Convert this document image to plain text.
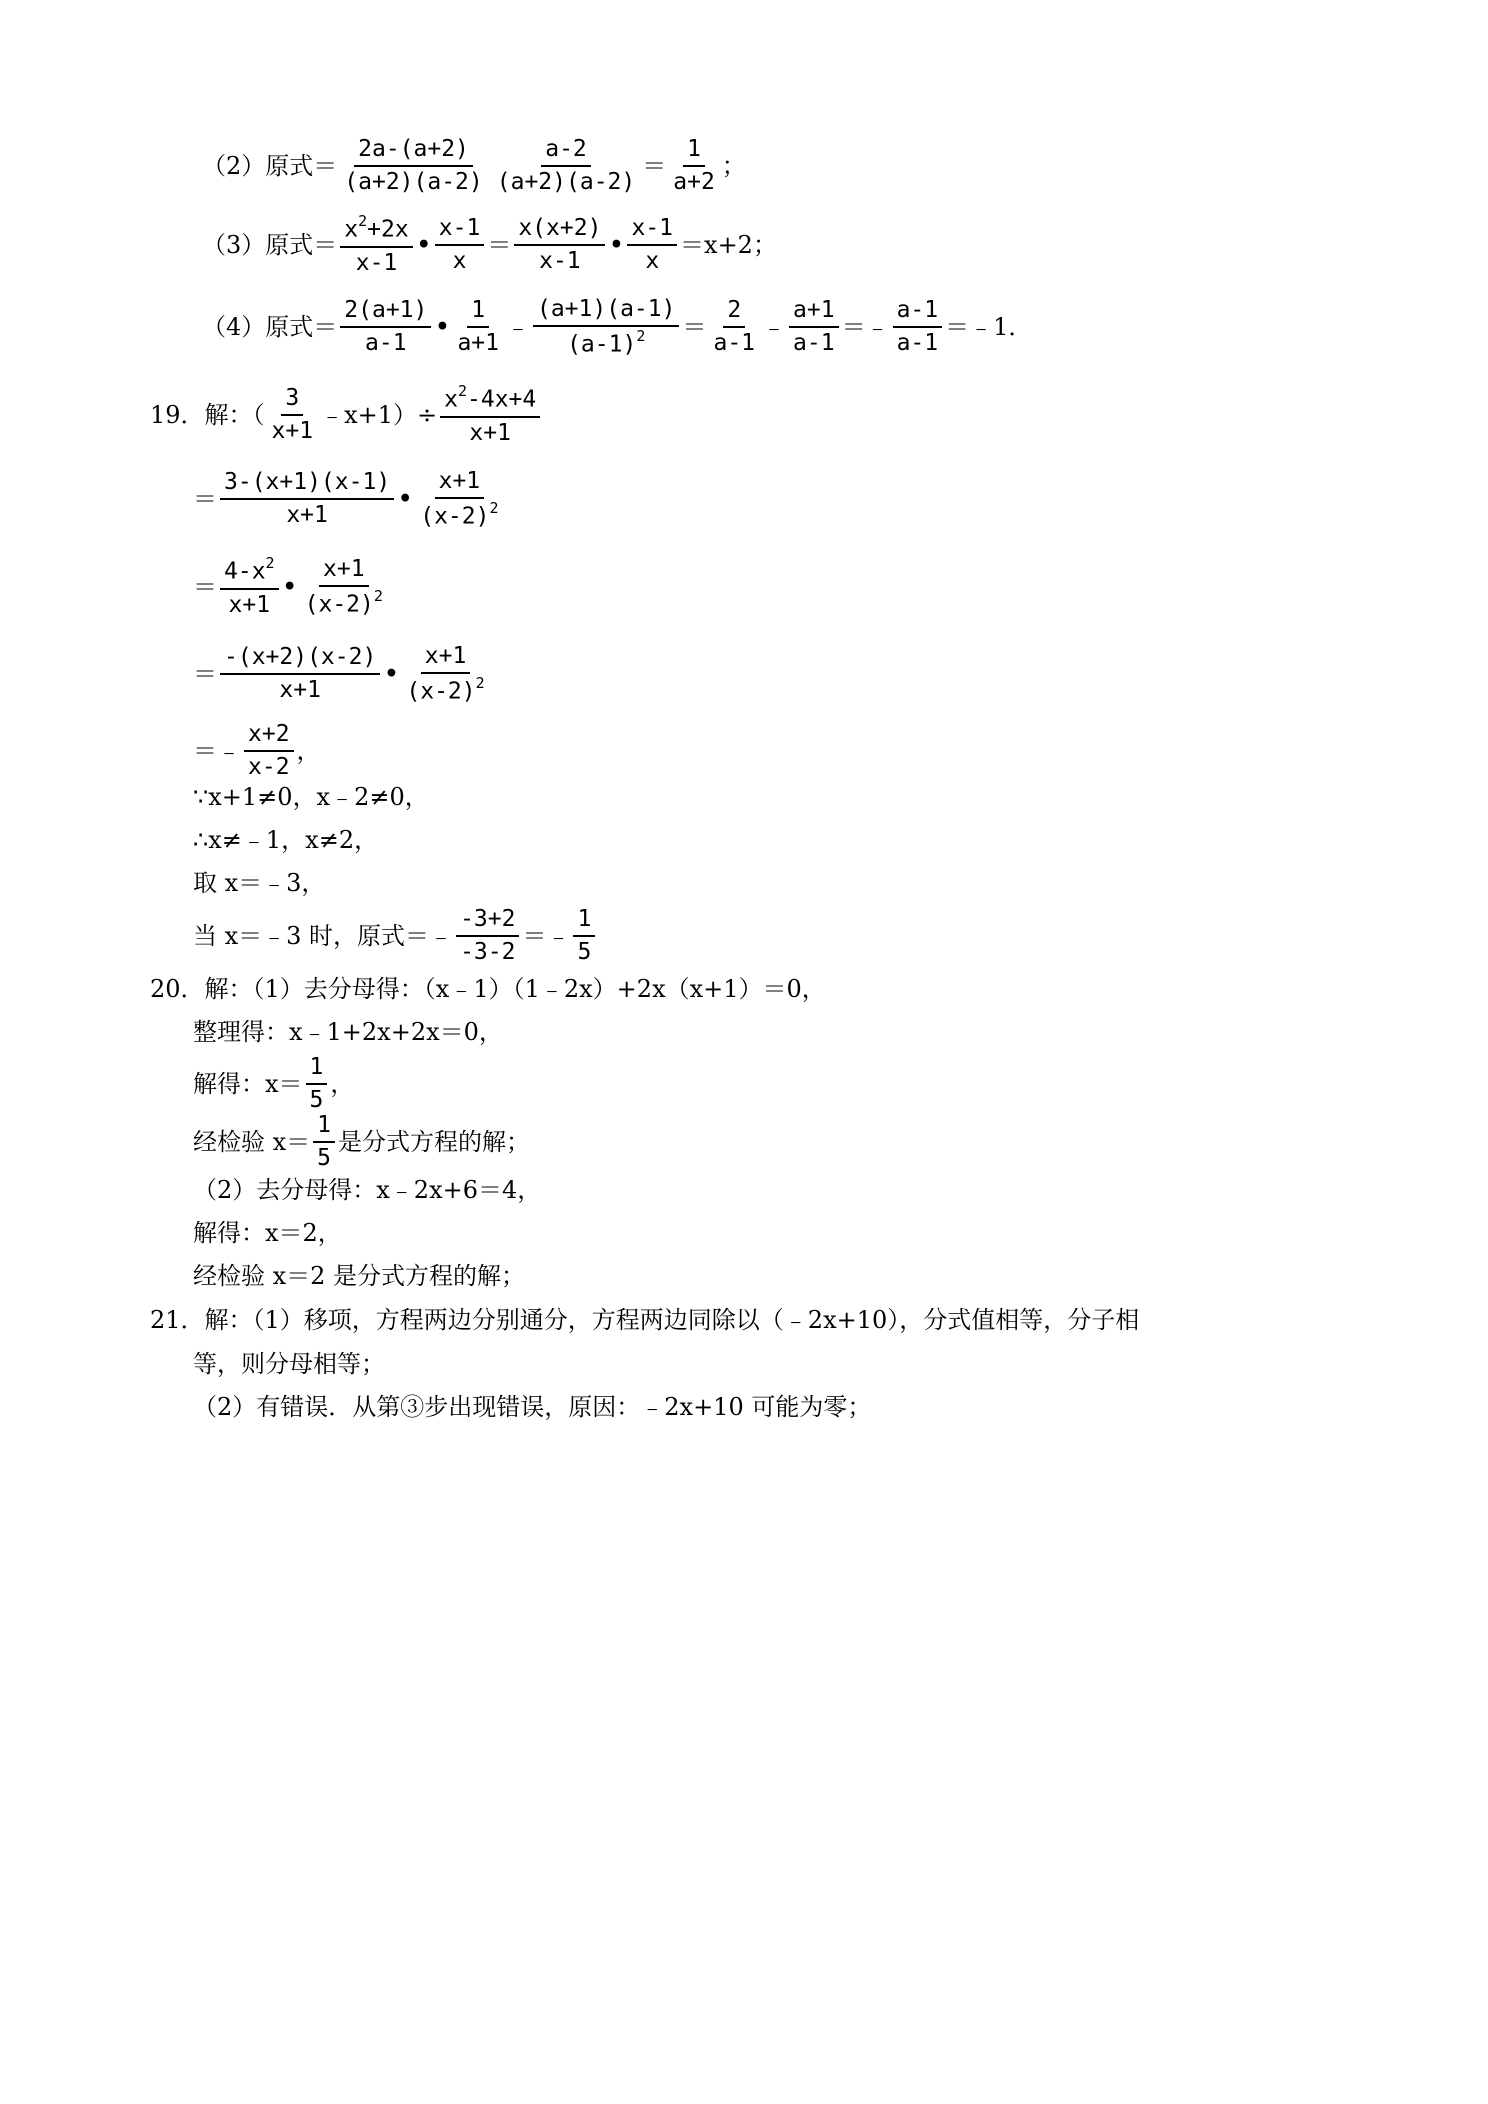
（2）原式＝ $\frac{2a-(a+2)}{(a+2)(a-2)} \frac{a-2}{(a+2)(a-2)} = \frac{1}{a+2}$ ；
（3）原式＝ $\frac{x^2+2x}{x-1}$ • $\frac{x-1}{x} = \frac{x(x+2)}{x-1}$ • $\frac{x-1}{x} =x+2$；
（4）原式＝ $\frac{2(a+1)}{a-1}$ • $\frac{1}{a+1}$ ﹣ $\frac{(a+1)(a-1)}{(a-1)^2} = \frac{2}{a-1}$ ﹣ $\frac{a+1}{a-1}$ ＝﹣ $\frac{a-1}{a-1}$ ＝﹣1．
19．解：（ $\frac{3}{x+1}$ ﹣x+1）÷ $\frac{x^2-4x+4}{x+1}$
＝ $\frac{3-(x+1)(x-1)}{x+1}$ • $\frac{x+1}{(x-2)^2}$
＝ $\frac{4-x^2}{x+1}$ • $\frac{x+1}{(x-2)^2}$
＝ $\frac{-(x+2)(x-2)}{x+1}$ • $\frac{x+1}{(x-2)^2}$
＝﹣ $\frac{x+2}{x-2}$ ，
∵x+1≠0，x﹣2≠0，
∴x≠﹣1，x≠2，
取 x＝﹣3，
当 x＝﹣3 时，原式＝﹣ $\frac{-3+2}{-3-2}$ ＝﹣ $\frac{1}{5}$
20．解：（1）去分母得：（x﹣1）（1﹣2x）+2x（x+1）＝0，
整理得：x﹣1+2x+2x＝0，
解得：$x= \frac{1}{5}$ ，
经检验 $x= \frac{1}{5}$ 是分式方程的解；
（2）去分母得：x﹣2x+6＝4，
解得：x＝2，
经检验 x＝2 是分式方程的解；
21．解：（1）移项，方程两边分别通分，方程两边同除以（﹣2x+10），分式值相等，分子相
等，则分母相等；
（2）有错误．从第③步出现错误，原因：﹣2x+10 可能为零；
